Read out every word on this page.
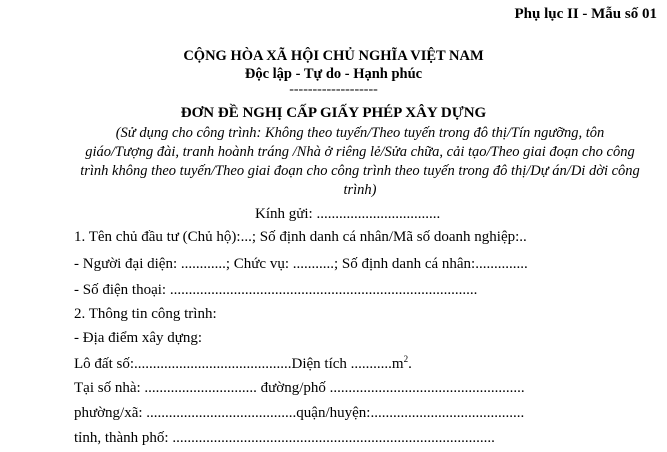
Phụ lục II - Mẫu số 01
CỘNG HÒA XÃ HỘI CHỦ NGHĨA VIỆT NAM
Độc lập - Tự do - Hạnh phúc
-------------------
ĐƠN ĐỀ NGHỊ CẤP GIẤY PHÉP XÂY DỰNG
(Sử dụng cho công trình: Không theo tuyến/Theo tuyến trong đô thị/Tín ngưỡng, tôn giáo/Tượng đài, tranh hoành tráng /Nhà ở riêng lẻ/Sửa chữa, cải tạo/Theo giai đoạn cho công trình không theo tuyến/Theo giai đoạn cho công trình theo tuyến trong đô thị/Dự án/Di dời công trình)
Kính gửi: .................................
1. Tên chủ đầu tư (Chủ hộ):...; Số định danh cá nhân/Mã số doanh nghiệp:..
- Người đại diện: ............; Chức vụ: ...........; Số định danh cá nhân:..............
- Số điện thoại: ..................................................................................
2. Thông tin công trình:
- Địa điểm xây dựng:
Lô đất số:..........................................Diện tích $...........m^2$.
Tại số nhà: .............................. đường/phố ....................................................
phường/xã: ........................................quận/huyện:.........................................
tỉnh, thành phố: ......................................................................................
